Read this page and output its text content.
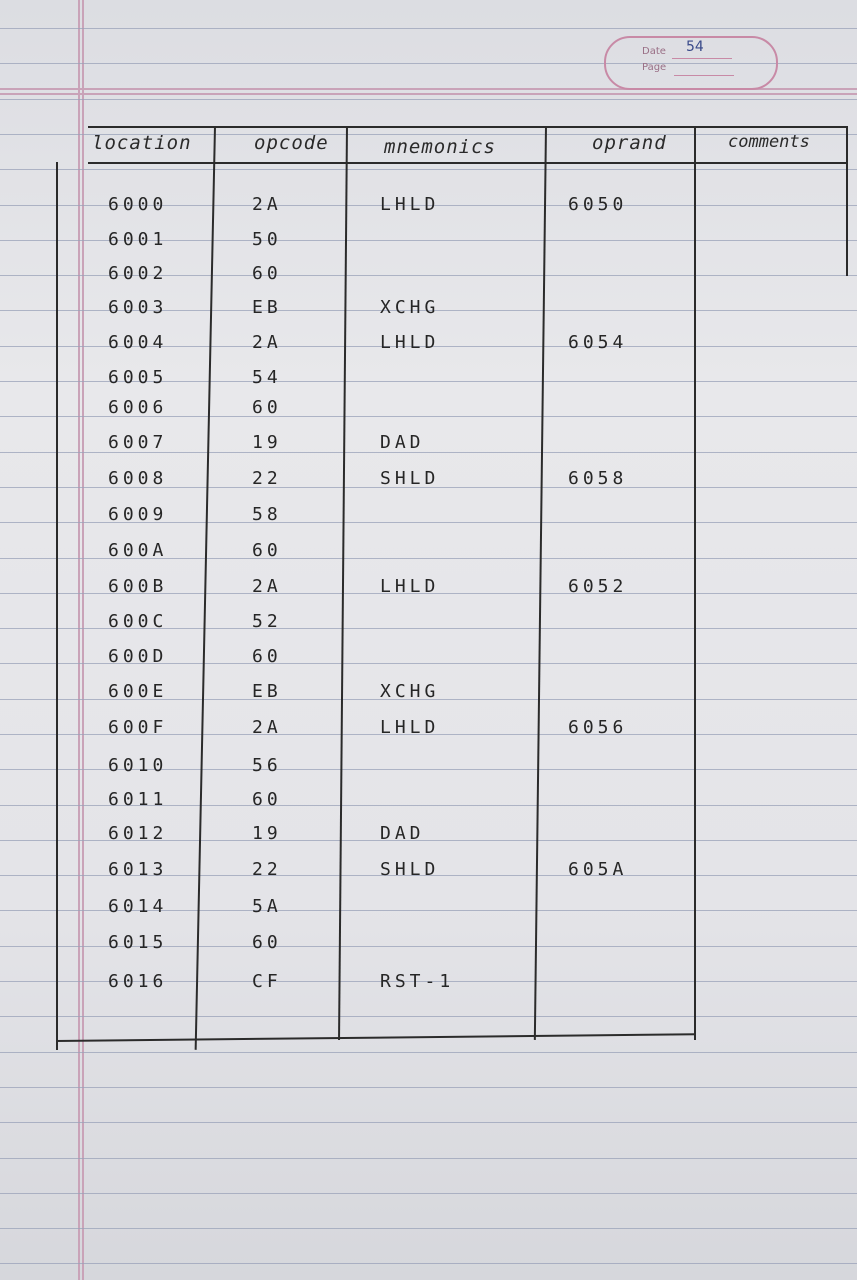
Date 54
Page
location	opcode	mnemonics	oprand	comments
6000	2A	LHLD	6050
6001	50
6002	60
6003	EB	XCHG
6004	2A	LHLD	6054
6005	54
6006	60
6007	19	DAD
6008	22	SHLD	6058
6009	58
600A	60
600B	2A	LHLD	6052
600C	52
600D	60
600E	EB	XCHG
600F	2A	LHLD	6056
6010	56
6011	60
6012	19	DAD
6013	22	SHLD	605A
6014	5A
6015	60
6016	CF	RST-1
